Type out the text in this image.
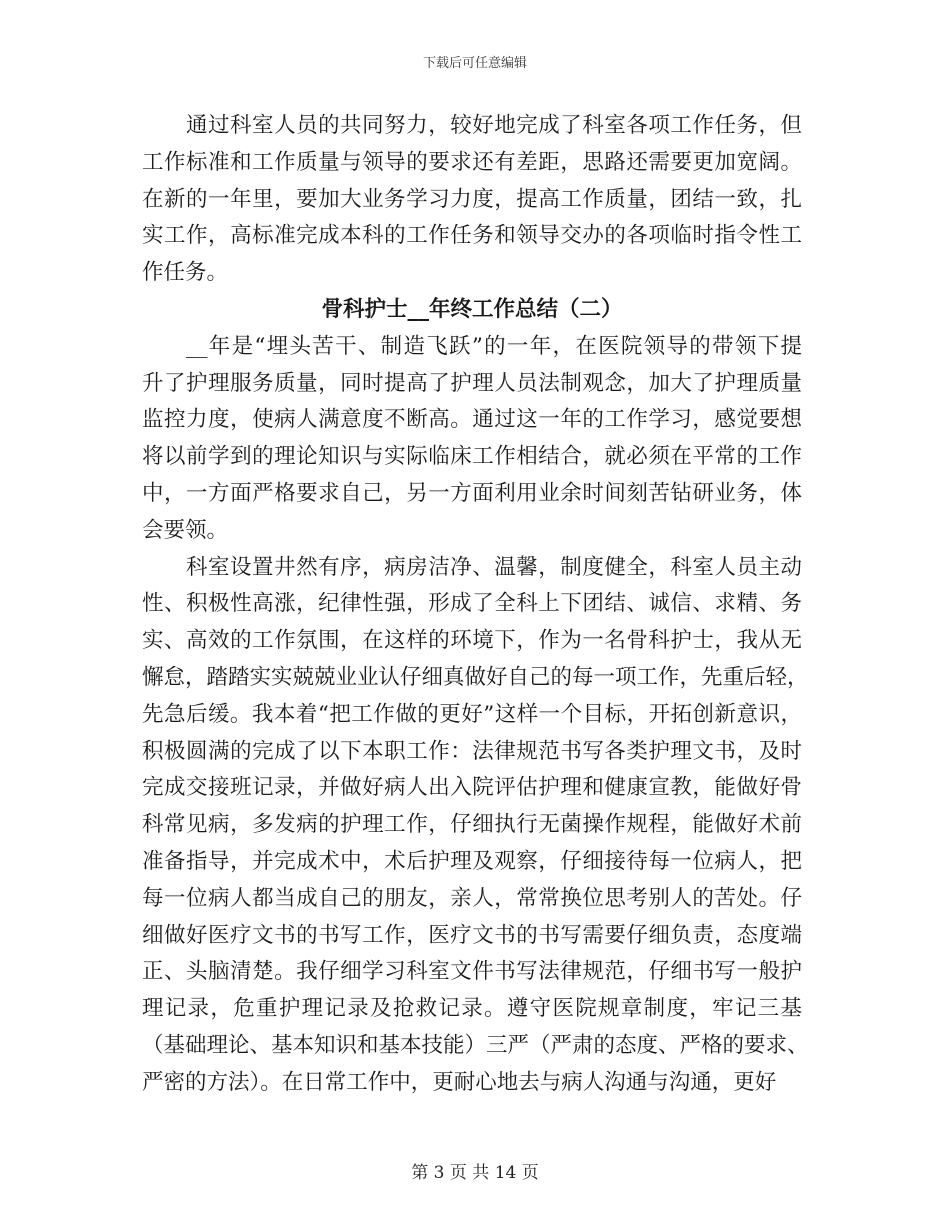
下载后可任意编辑
通过科室人员的共同努力，较好地完成了科室各项工作任务，但
工作标准和工作质量与领导的要求还有差距，思路还需要更加宽阔。
在新的一年里，要加大业务学习力度，提高工作质量，团结一致，扎
实工作，高标准完成本科的工作任务和领导交办的各项临时指令性工
作任务。
骨科护士__年终工作总结（二）
__年是“埋头苦干、制造飞跃”的一年，在医院领导的带领下提
升了护理服务质量，同时提高了护理人员法制观念，加大了护理质量
监控力度，使病人满意度不断高。通过这一年的工作学习，感觉要想
将以前学到的理论知识与实际临床工作相结合，就必须在平常的工作
中，一方面严格要求自己，另一方面利用业余时间刻苦钻研业务，体
会要领。
科室设置井然有序，病房洁净、温馨，制度健全，科室人员主动
性、积极性高涨，纪律性强，形成了全科上下团结、诚信、求精、务
实、高效的工作氛围，在这样的环境下，作为一名骨科护士，我从无
懈怠，踏踏实实兢兢业业认仔细真做好自己的每一项工作，先重后轻，
先急后缓。我本着“把工作做的更好”这样一个目标，开拓创新意识，
积极圆满的完成了以下本职工作：法律规范书写各类护理文书，及时
完成交接班记录，并做好病人出入院评估护理和健康宣教，能做好骨
科常见病，多发病的护理工作，仔细执行无菌操作规程，能做好术前
准备指导，并完成术中，术后护理及观察，仔细接待每一位病人，把
每一位病人都当成自己的朋友，亲人，常常换位思考别人的苦处。仔
细做好医疗文书的书写工作，医疗文书的书写需要仔细负责，态度端
正、头脑清楚。我仔细学习科室文件书写法律规范，仔细书写一般护
理记录，危重护理记录及抢救记录。遵守医院规章制度，牢记三基
（基础理论、基本知识和基本技能）三严（严肃的态度、严格的要求、
严密的方法）。在日常工作中，更耐心地去与病人沟通与沟通，更好
第 3 页 共 14 页
